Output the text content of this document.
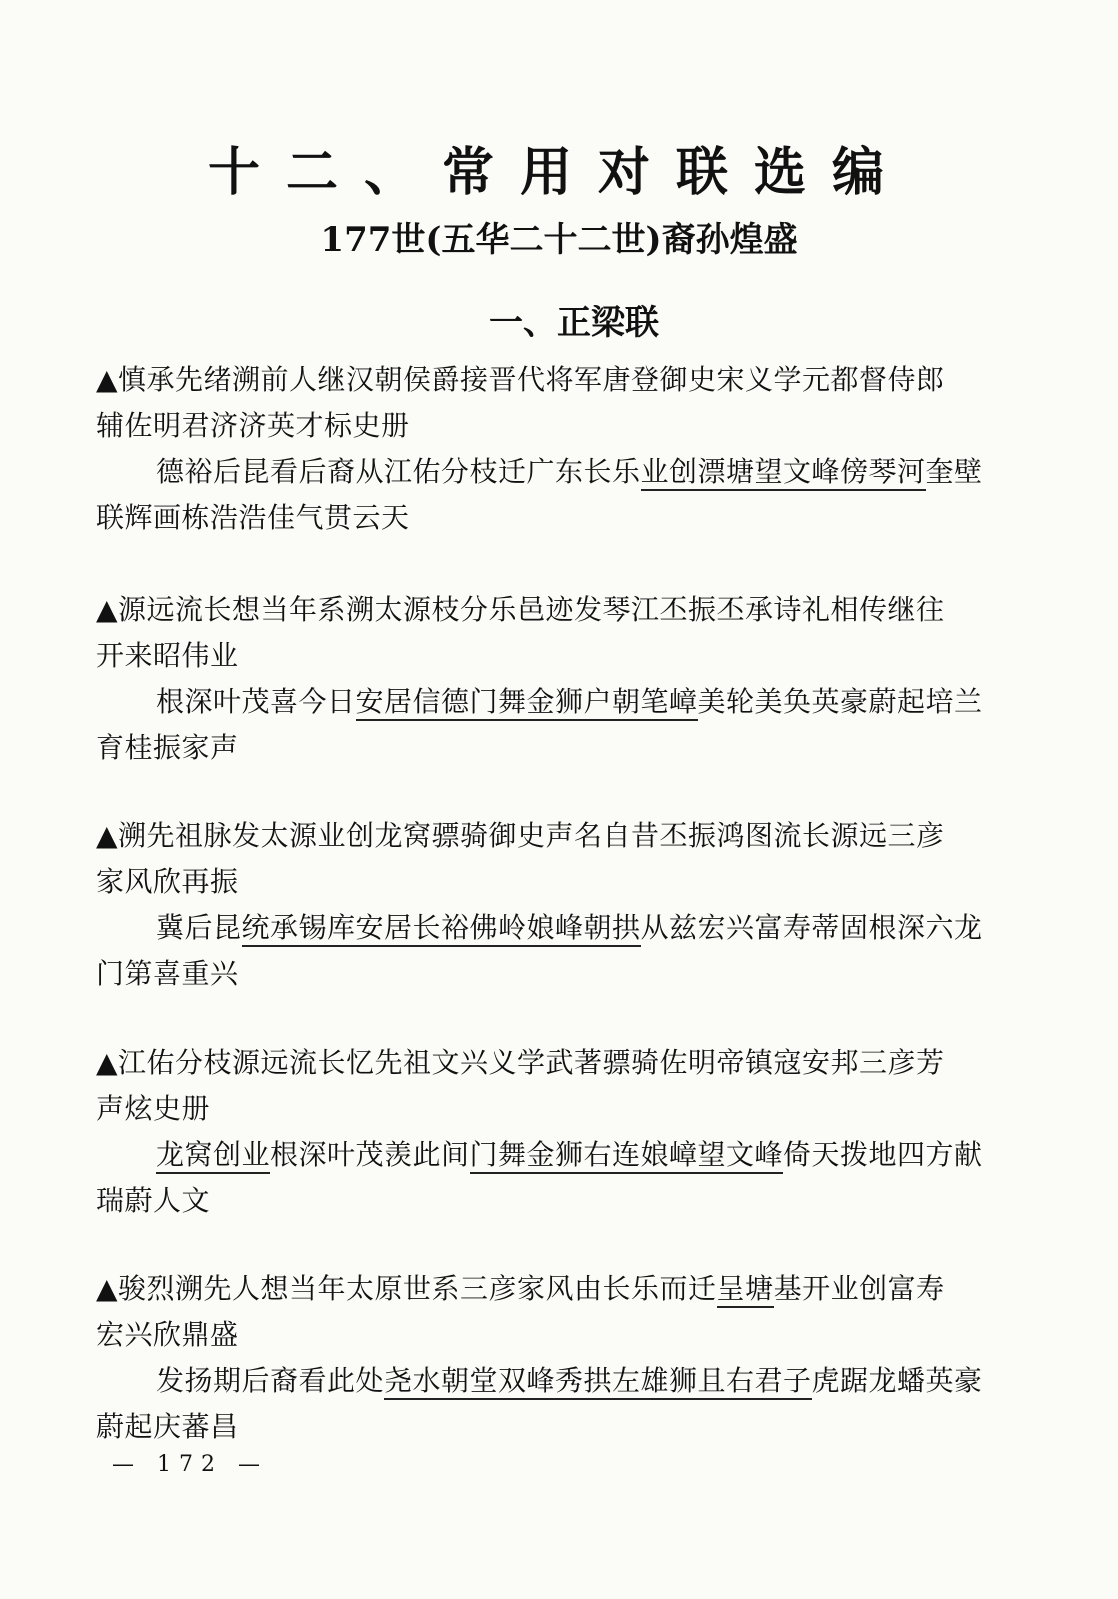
十二、常用对联选编
177世(五华二十二世)裔孙煌盛
一、正梁联
▲慎承先绪溯前人继汉朝侯爵接晋代将军唐登御史宋义学元都督侍郎
辅佐明君济济英才标史册
德裕后昆看后裔从江佑分枝迁广东长乐业创漂塘望文峰傍琴河奎壁
联辉画栋浩浩佳气贯云天
▲源远流长想当年系溯太源枝分乐邑迹发琴江丕振丕承诗礼相传继往
开来昭伟业
根深叶茂喜今日安居信德门舞金狮户朝笔嶂美轮美奂英豪蔚起培兰
育桂振家声
▲溯先祖脉发太源业创龙窝骠骑御史声名自昔丕振鸿图流长源远三彦
家风欣再振
冀后昆统承锡库安居长裕佛岭娘峰朝拱从兹宏兴富寿蒂固根深六龙
门第喜重兴
▲江佑分枝源远流长忆先祖文兴义学武著骠骑佐明帝镇寇安邦三彦芳
声炫史册
龙窝创业根深叶茂羡此间门舞金狮右连娘嶂望文峰倚天拨地四方献
瑞蔚人文
▲骏烈溯先人想当年太原世系三彦家风由长乐而迁呈塘基开业创富寿
宏兴欣鼎盛
发扬期后裔看此处尧水朝堂双峰秀拱左雄狮且右君子虎踞龙蟠英豪
蔚起庆蕃昌
— 172 —
